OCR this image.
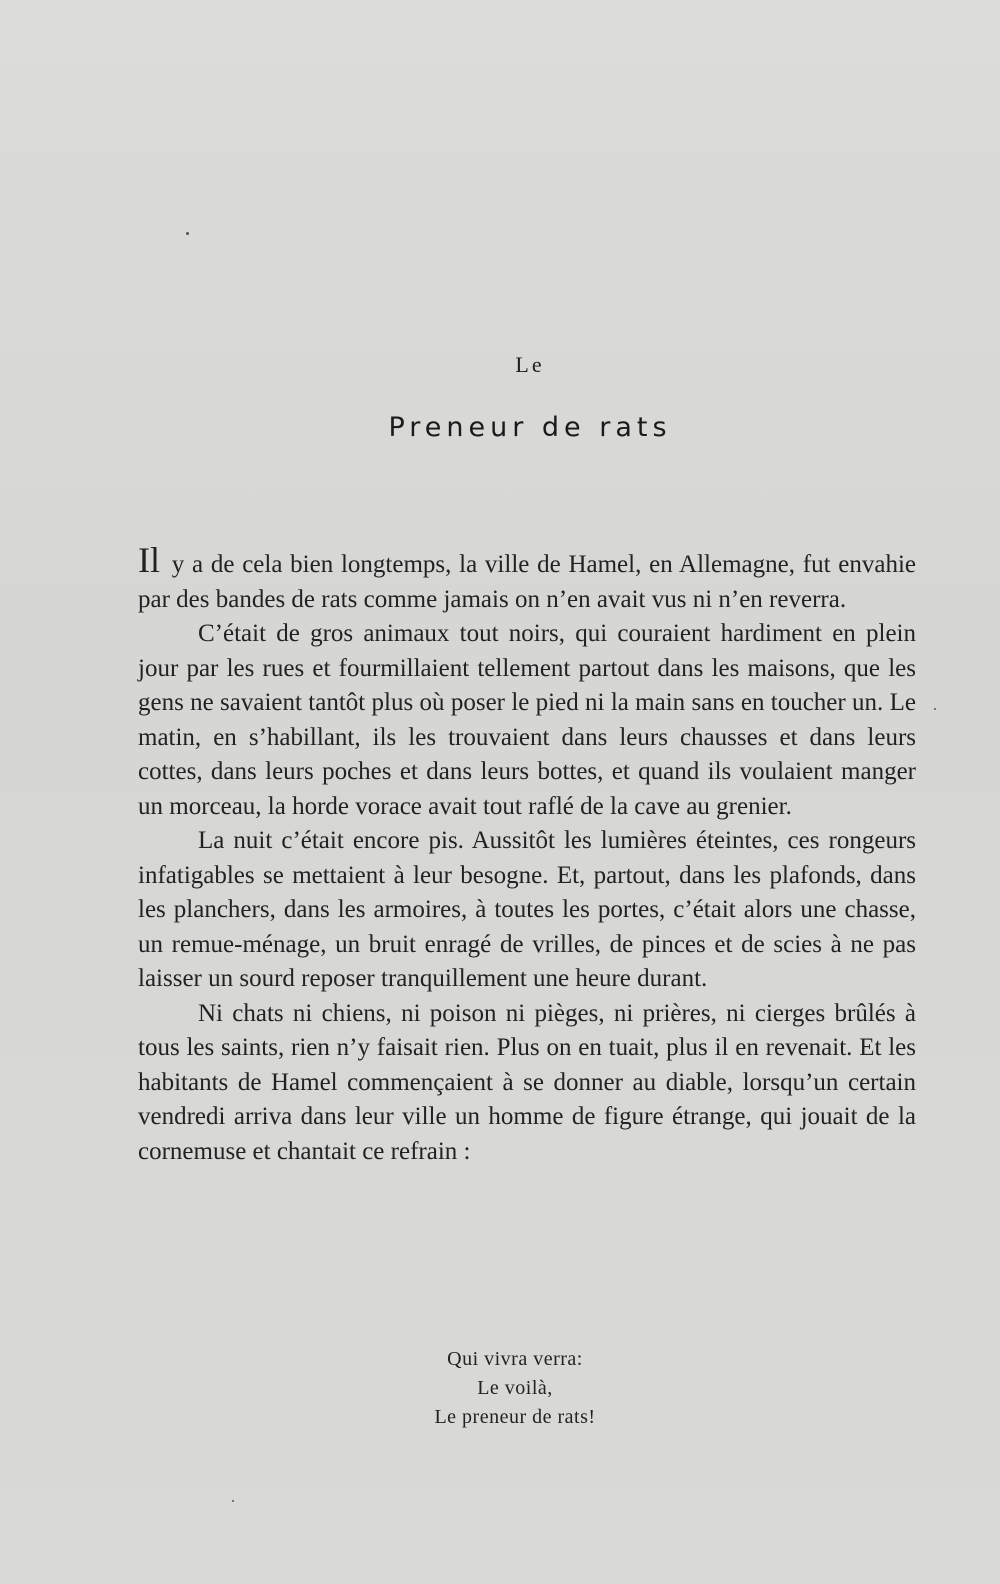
Le
Preneur de rats

Il y a de cela bien longtemps, la ville de Hamel, en Allemagne, fut envahie par des bandes de rats comme jamais on n’en avait vus ni n’en reverra.

C’était de gros animaux tout noirs, qui couraient hardiment en plein jour par les rues et fourmillaient tellement partout dans les maisons, que les gens ne savaient tantôt plus où poser le pied ni la main sans en toucher un. Le matin, en s’habillant, ils les trouvaient dans leurs chausses et dans leurs cottes, dans leurs poches et dans leurs bottes, et quand ils voulaient manger un morceau, la horde vorace avait tout raflé de la cave au grenier.

La nuit c’était encore pis. Aussitôt les lumières éteintes, ces rongeurs infatigables se mettaient à leur besogne. Et, partout, dans les plafonds, dans les planchers, dans les armoires, à toutes les portes, c’était alors une chasse, un remue-ménage, un bruit enragé de vrilles, de pinces et de scies à ne pas laisser un sourd reposer tranquillement une heure durant.

Ni chats ni chiens, ni poison ni pièges, ni prières, ni cierges brûlés à tous les saints, rien n’y faisait rien. Plus on en tuait, plus il en revenait. Et les habitants de Hamel commençaient à se donner au diable, lorsqu’un certain vendredi arriva dans leur ville un homme de figure étrange, qui jouait de la cornemuse et chantait ce refrain :

Qui vivra verra:
Le voilà,
Le preneur de rats!
